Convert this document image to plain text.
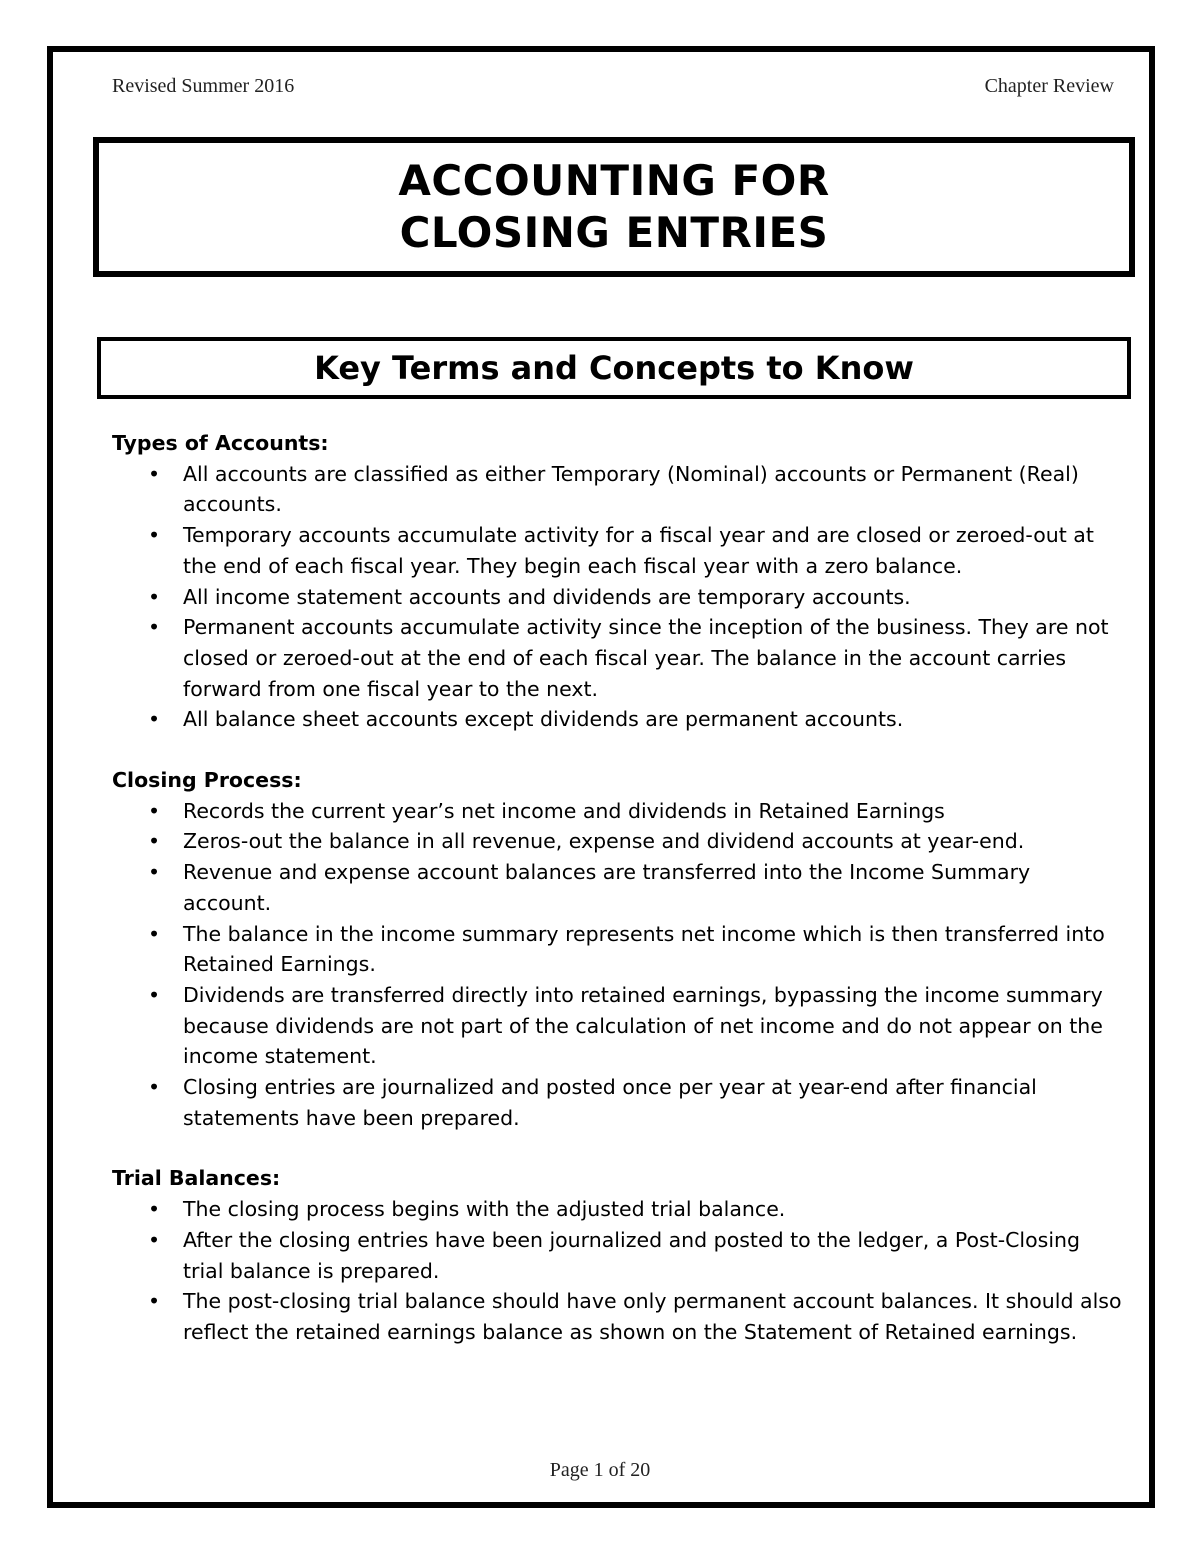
Revised Summer 2016	Chapter Review
ACCOUNTING FOR
CLOSING ENTRIES
Key Terms and Concepts to Know

Types of Accounts:

• All accounts are classified as either Temporary (Nominal) accounts or Permanent (Real) accounts.
• Temporary accounts accumulate activity for a fiscal year and are closed or zeroed-out at the end of each fiscal year. They begin each fiscal year with a zero balance.
• All income statement accounts and dividends are temporary accounts.
• Permanent accounts accumulate activity since the inception of the business. They are not closed or zeroed-out at the end of each fiscal year. The balance in the account carries forward from one fiscal year to the next.
• All balance sheet accounts except dividends are permanent accounts.

Closing Process:

• Records the current year’s net income and dividends in Retained Earnings
• Zeros-out the balance in all revenue, expense and dividend accounts at year-end.
• Revenue and expense account balances are transferred into the Income Summary account.
• The balance in the income summary represents net income which is then transferred into Retained Earnings.
• Dividends are transferred directly into retained earnings, bypassing the income summary because dividends are not part of the calculation of net income and do not appear on the income statement.
• Closing entries are journalized and posted once per year at year-end after financial statements have been prepared.

Trial Balances:

• The closing process begins with the adjusted trial balance.
• After the closing entries have been journalized and posted to the ledger, a Post-Closing trial balance is prepared.
• The post-closing trial balance should have only permanent account balances. It should also reflect the retained earnings balance as shown on the Statement of Retained earnings.
Page 1 of 20
